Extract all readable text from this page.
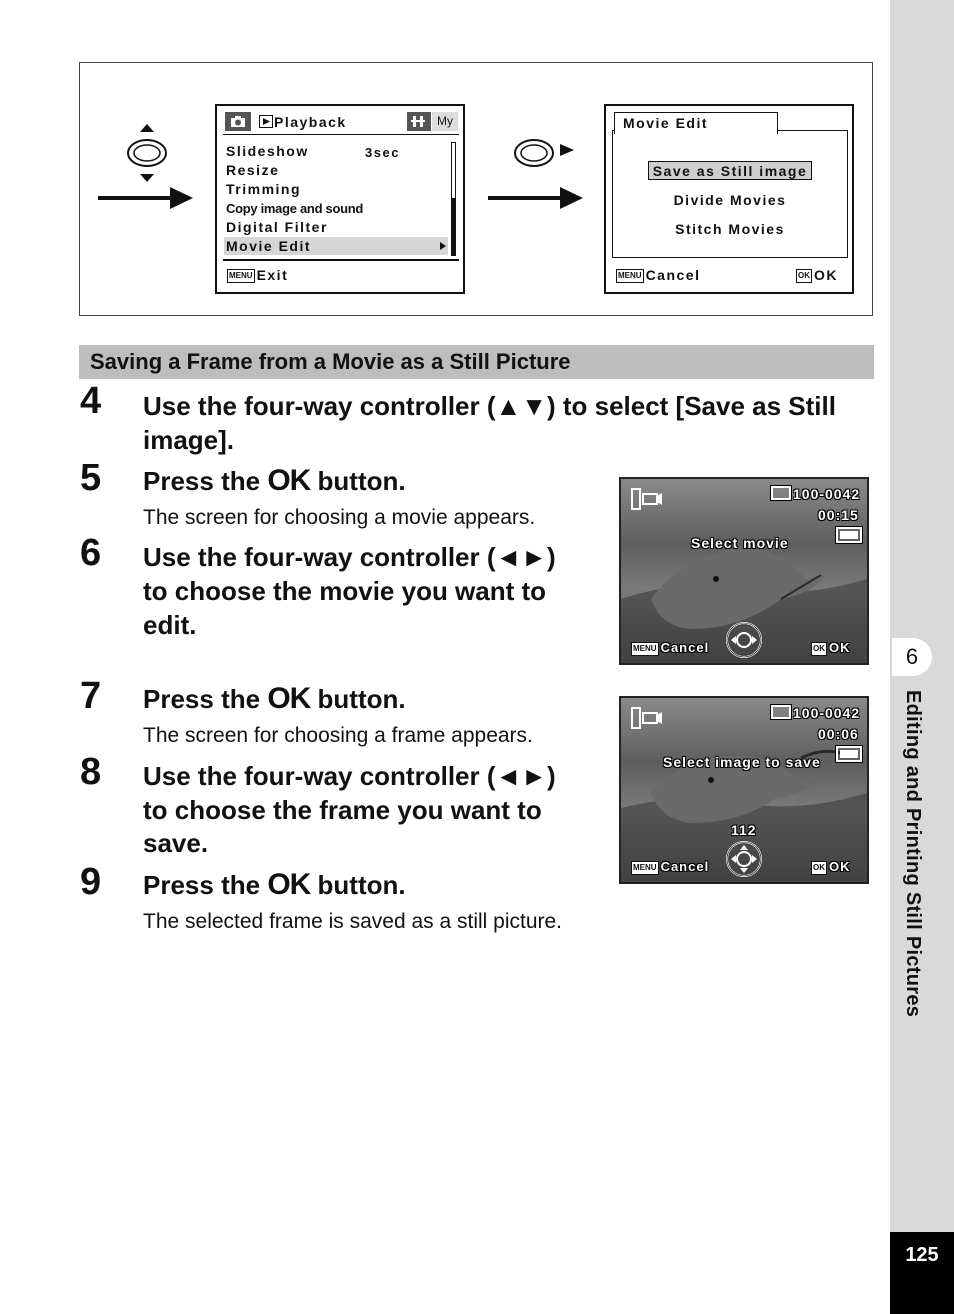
6
Editing and Printing Still Pictures
125
Playback	My
Slideshow	3sec
Resize
Trimming
Copy image and sound
Digital Filter
Movie Edit
MENU Exit
Movie Edit
Save as Still image
Divide Movies
Stitch Movies
MENU Cancel	OK OK
Saving a Frame from a Movie as a Still Picture
4	Use the four-way controller (▲▼) to select [Save as Still
image].
5	Press the OK button.
The screen for choosing a movie appears.
6	Use the four-way controller (◄►)
to choose the movie you want to
edit.
100-0042
00:15
Select movie
MENU Cancel	OK OK
7	Press the OK button.
The screen for choosing a frame appears.
8	Use the four-way controller (◄►)
to choose the frame you want to
save.
100-0042
00:06
Select image to save
112
MENU Cancel	OK OK
9	Press the OK button.
The selected frame is saved as a still picture.
